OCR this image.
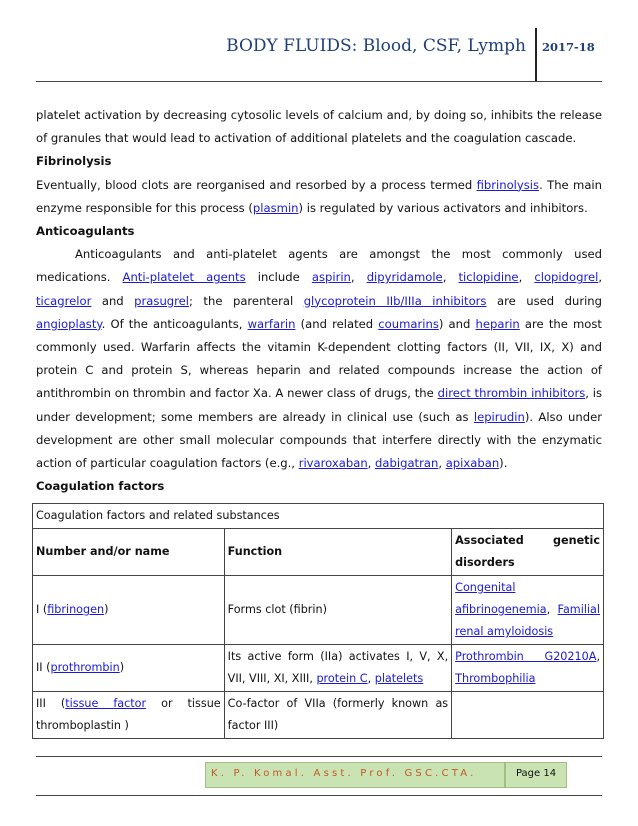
BODY FLUIDS: Blood, CSF, Lymph 2017-18

platelet activation by decreasing cytosolic levels of calcium and, by doing so, inhibits the release of granules that would lead to activation of additional platelets and the coagulation cascade.

Fibrinolysis

Eventually, blood clots are reorganised and resorbed by a process termed fibrinolysis. The main enzyme responsible for this process (plasmin) is regulated by various activators and inhibitors.

Anticoagulants

Anticoagulants and anti-platelet agents are amongst the most commonly used medications. Anti-platelet agents include aspirin, dipyridamole, ticlopidine, clopidogrel, ticagrelor and prasugrel; the parenteral glycoprotein IIb/IIIa inhibitors are used during angioplasty. Of the anticoagulants, warfarin (and related coumarins) and heparin are the most commonly used. Warfarin affects the vitamin K-dependent clotting factors (II, VII, IX, X) and protein C and protein S, whereas heparin and related compounds increase the action of antithrombin on thrombin and factor Xa. A newer class of drugs, the direct thrombin inhibitors, is under development; some members are already in clinical use (such as lepirudin). Also under development are other small molecular compounds that interfere directly with the enzymatic action of particular coagulation factors (e.g., rivaroxaban, dabigatran, apixaban).

Coagulation factors
Coagulation factors and related substances		
Number and/or name	Function	Associated genetic disorders
I (fibrinogen)	Forms clot (fibrin)	Congenital afibrinogenemia, Familial renal amyloidosis
II (prothrombin)	Its active form (IIa) activates I, V, X, VII, VIII, XI, XIII, protein C, platelets	Prothrombin G20210A, Thrombophilia
III (tissue factor or tissue thromboplastin )	Co-factor of VIIa (formerly known as factor III)	
K. P. Komal. Asst. Prof. GSC.CTA.	Page 14
